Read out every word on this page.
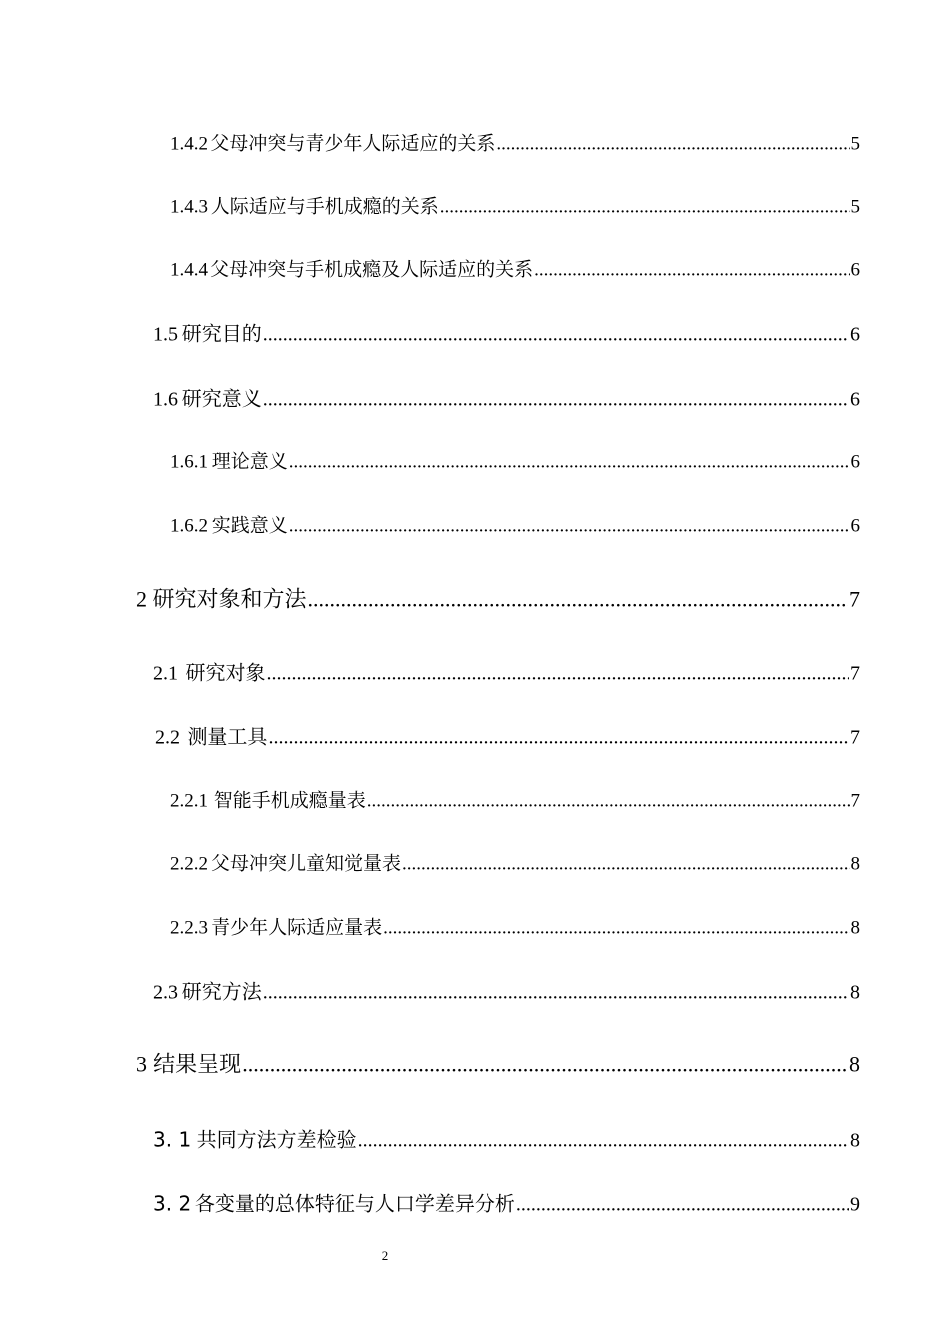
1.4.2 父母冲突与青少年人际适应的关系 .....	5
1.4.3 人际适应与手机成瘾的关系 .....	5
1.4.4 父母冲突与手机成瘾及人际适应的关系 .....	6
1.5 研究目的 .....	6
1.6 研究意义 .....	6
1.6.1 理论意义 .....	6
1.6.2 实践意义 .....	6
2 研究对象和方法 .....	7
2.1 研究对象 .....	7
2.2 测量工具 .....	7
2.2.1 智能手机成瘾量表 .....	7
2.2.2 父母冲突儿童知觉量表 .....	8
2.2.3 青少年人际适应量表 .....	8
2.3 研究方法 .....	8
3 结果呈现 .....	8
3. 1 共同方法方差检验 .....	8
3. 2 各变量的总体特征与人口学差异分析 .....	9
2
